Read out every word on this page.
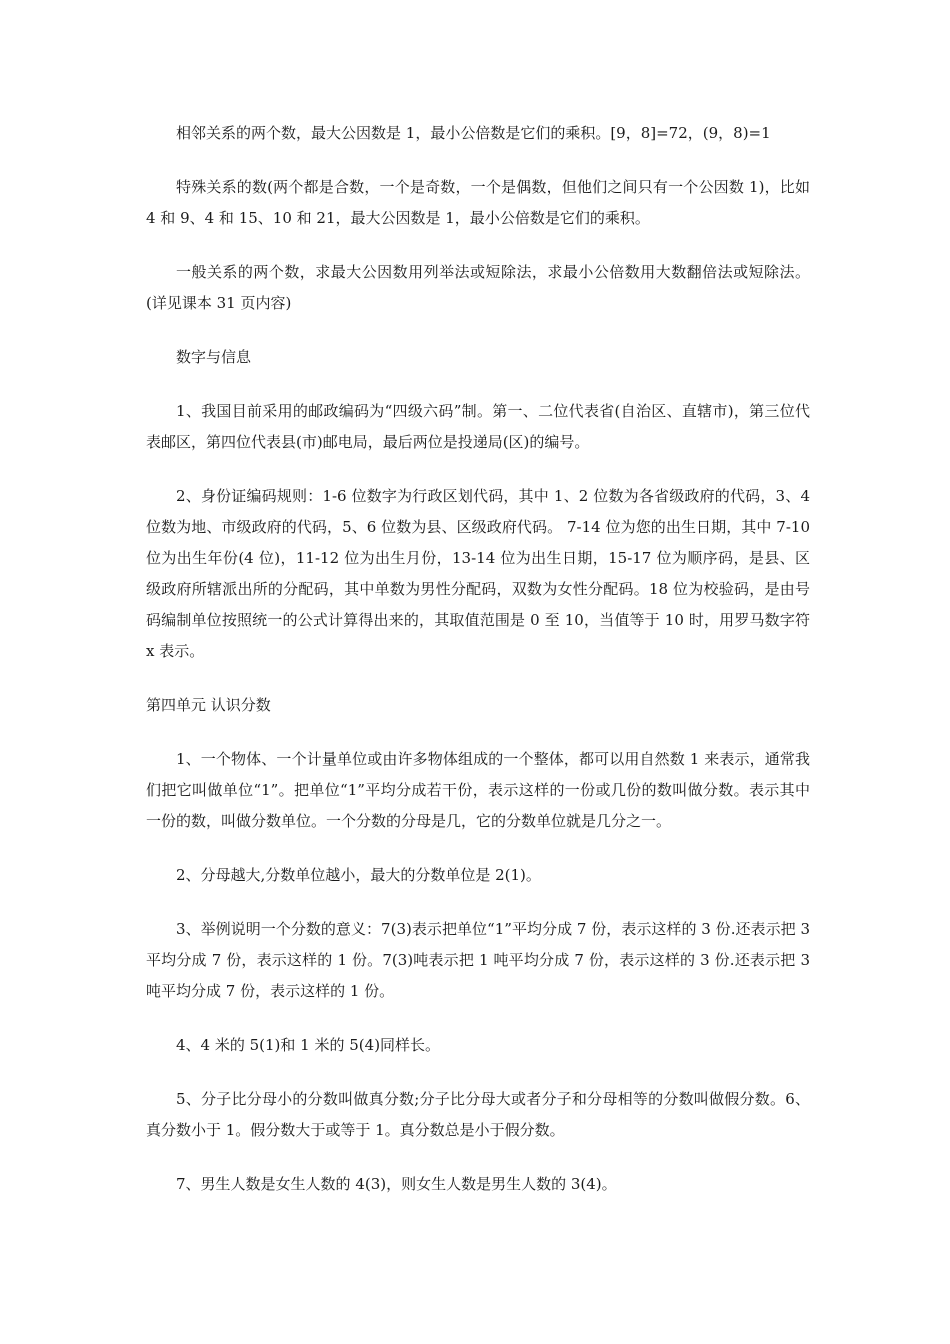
相邻关系的两个数，最大公因数是 1，最小公倍数是它们的乘积。[9，8]=72，(9，8)=1

特殊关系的数(两个都是合数，一个是奇数，一个是偶数，但他们之间只有一个公因数 1)，比如 4 和 9、4 和 15、10 和 21，最大公因数是 1，最小公倍数是它们的乘积。

一般关系的两个数，求最大公因数用列举法或短除法，求最小公倍数用大数翻倍法或短除法。(详见课本 31 页内容)

数字与信息

1、我国目前采用的邮政编码为“四级六码”制。第一、二位代表省(自治区、直辖市)，第三位代表邮区，第四位代表县(市)邮电局，最后两位是投递局(区)的编号。

2、身份证编码规则：1-6 位数字为行政区划代码，其中 1、2 位数为各省级政府的代码，3、4 位数为地、市级政府的代码，5、6 位数为县、区级政府代码。 7-14 位为您的出生日期，其中 7-10 位为出生年份(4 位)，11-12 位为出生月份，13-14 位为出生日期，15-17 位为顺序码，是县、区级政府所辖派出所的分配码，其中单数为男性分配码，双数为女性分配码。18 位为校验码，是由号码编制单位按照统一的公式计算得出来的，其取值范围是 0 至 10，当值等于 10 时，用罗马数字符 x 表示。

第四单元 认识分数

1、一个物体、一个计量单位或由许多物体组成的一个整体，都可以用自然数 1 来表示，通常我们把它叫做单位“1”。把单位“1”平均分成若干份，表示这样的一份或几份的数叫做分数。表示其中一份的数，叫做分数单位。一个分数的分母是几，它的分数单位就是几分之一。

2、分母越大,分数单位越小，最大的分数单位是 2(1)。

3、举例说明一个分数的意义：7(3)表示把单位“1”平均分成 7 份，表示这样的 3 份.还表示把 3 平均分成 7 份，表示这样的 1 份。7(3)吨表示把 1 吨平均分成 7 份，表示这样的 3 份.还表示把 3 吨平均分成 7 份，表示这样的 1 份。

4、4 米的 5(1)和 1 米的 5(4)同样长。

5、分子比分母小的分数叫做真分数;分子比分母大或者分子和分母相等的分数叫做假分数。6、真分数小于 1。假分数大于或等于 1。真分数总是小于假分数。

7、男生人数是女生人数的 4(3)，则女生人数是男生人数的 3(4)。
